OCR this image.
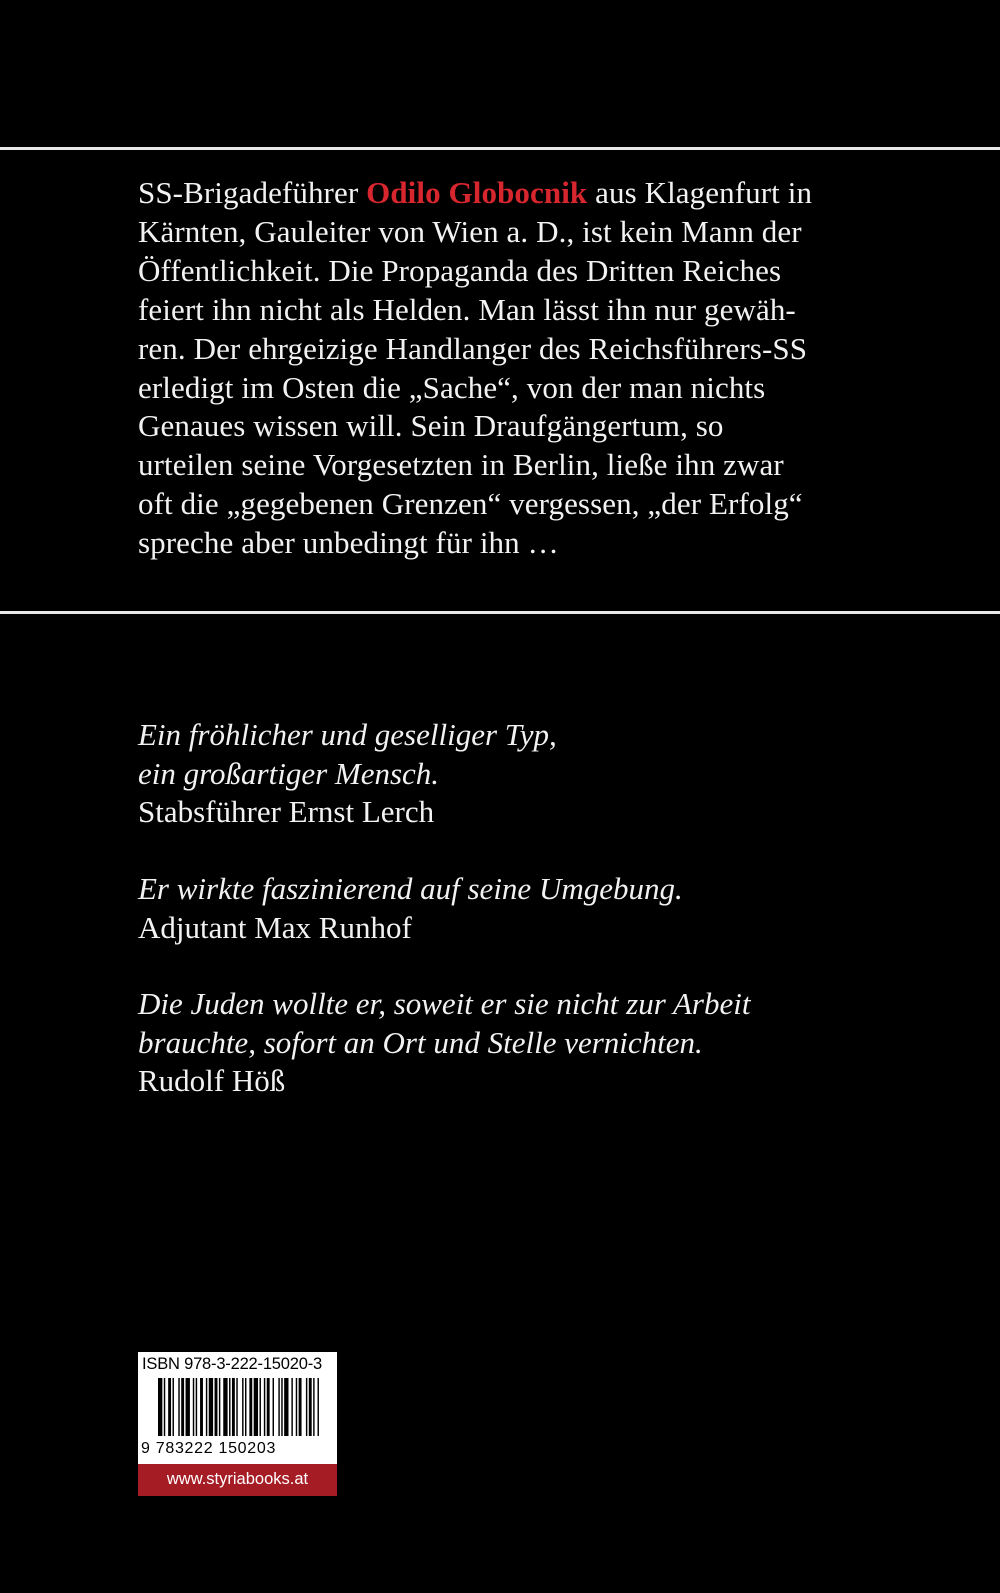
SS-Brigadeführer Odilo Globocnik aus Klagenfurt in
Kärnten, Gauleiter von Wien a. D., ist kein Mann der
Öffentlichkeit. Die Propaganda des Dritten Reiches
feiert ihn nicht als Helden. Man lässt ihn nur gewäh-
ren. Der ehrgeizige Handlanger des Reichsführers-SS
erledigt im Osten die „Sache“, von der man nichts
Genaues wissen will. Sein Draufgängertum, so
urteilen seine Vorgesetzten in Berlin, ließe ihn zwar
oft die „gegebenen Grenzen“ vergessen, „der Erfolg“
spreche aber unbedingt für ihn …
Ein fröhlicher und geselliger Typ,
ein großartiger Mensch.
Stabsführer Ernst Lerch
Er wirkte faszinierend auf seine Umgebung.
Adjutant Max Runhof
Die Juden wollte er, soweit er sie nicht zur Arbeit
brauchte, sofort an Ort und Stelle vernichten.
Rudolf Höß
ISBN 978-3-222-15020-3
9 783222 150203
www.styriabooks.at
